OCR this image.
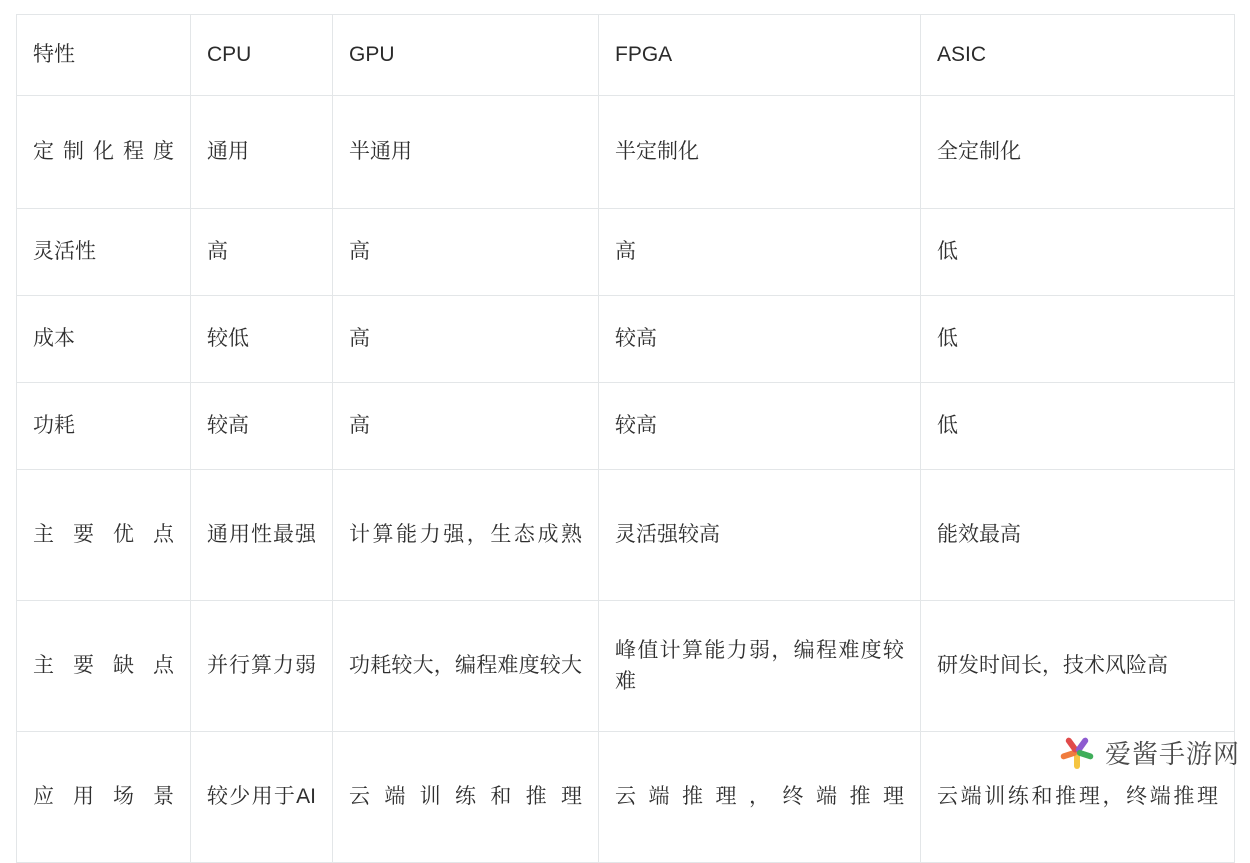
特性	CPU	GPU	FPGA	ASIC
定制化程度	通用	半通用	半定制化	全定制化
灵活性	高	高	高	低
成本	较低	高	较高	低
功耗	较高	高	较高	低
主要优点	通用性最强	计算能力强，生态成熟	灵活强较高	能效最高
主要缺点	并行算力弱	功耗较大，编程难度较大	峰值计算能力弱，编程难度较难	研发时间长，技术风险高
应用场景	较少用于AI	云端训练和推理	云端推理，终端推理	云端训练和推理，终端推理
爱酱手游网
